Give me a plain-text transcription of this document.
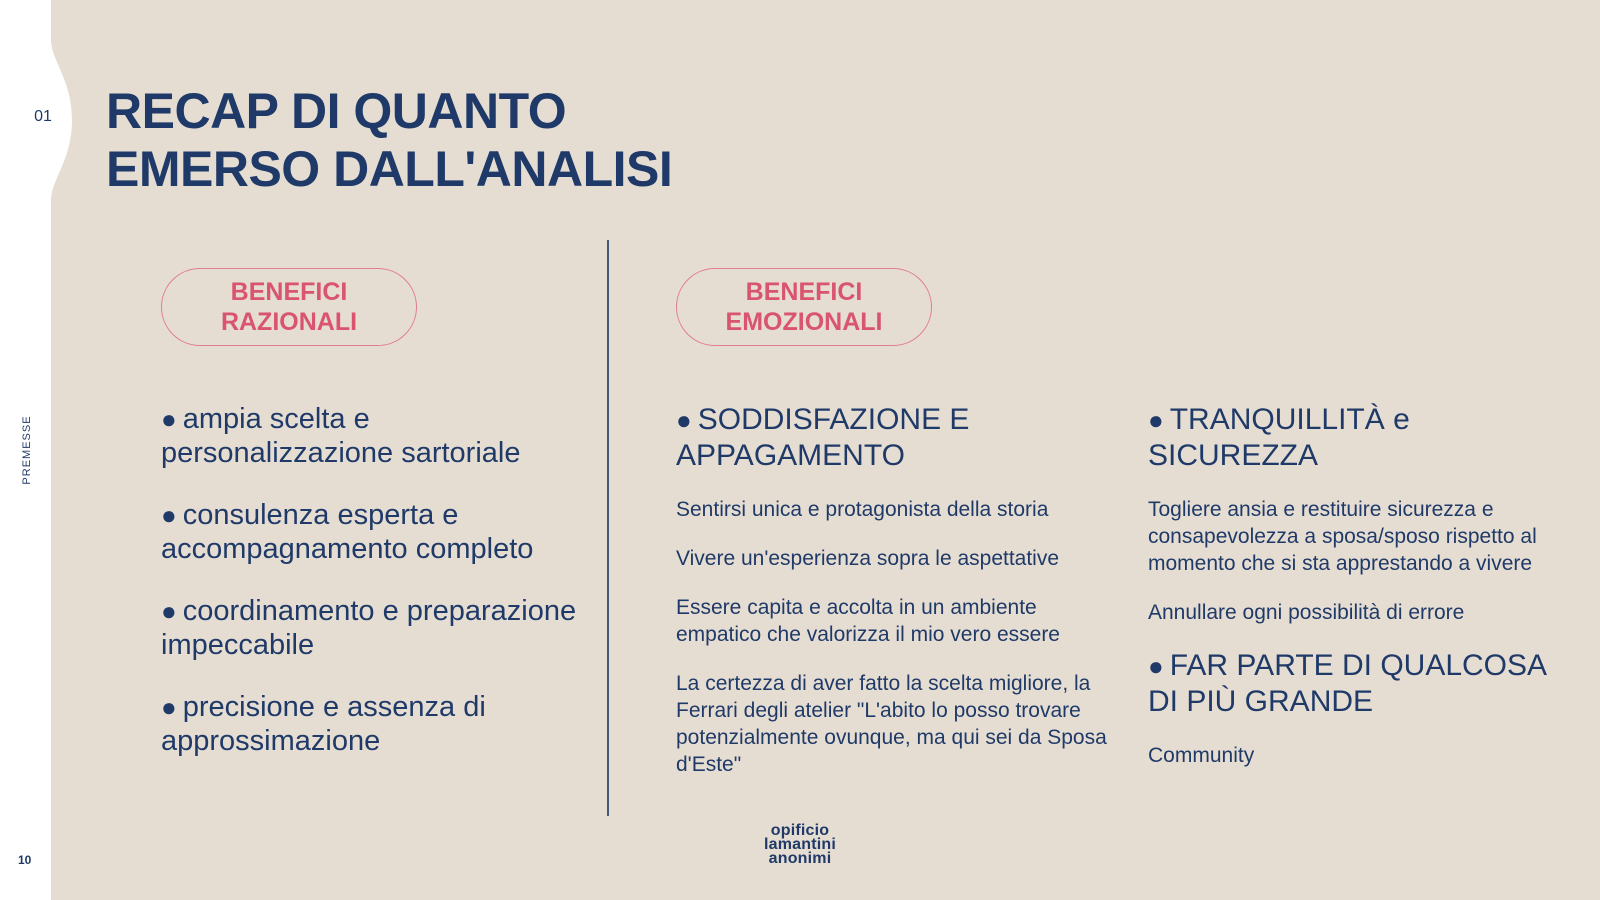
01
PREMESSE
10
RECAP DI QUANTO
EMERSO DALL'ANALISI
BENEFICI
RAZIONALI
BENEFICI
EMOZIONALI
● ampia scelta e personalizzazione sartoriale
● consulenza esperta e accompagnamento completo
● coordinamento e preparazione impeccabile
● precisione e assenza di approssimazione
● SODDISFAZIONE E APPAGAMENTO

Sentirsi unica e protagonista della storia

Vivere un'esperienza sopra le aspettative

Essere capita e accolta in un ambiente empatico che valorizza il mio vero essere

La certezza di aver fatto la scelta migliore, la Ferrari degli atelier "L'abito lo posso trovare potenzialmente ovunque, ma qui sei da Sposa d'Este"

● TRANQUILLITÀ e SICUREZZA

Togliere ansia e restituire sicurezza e consapevolezza a sposa/sposo rispetto al momento che si sta apprestando a vivere

Annullare ogni possibilità di errore

● FAR PARTE DI QUALCOSA DI PIÙ GRANDE

Community

opificio
lamantini
anonimi
